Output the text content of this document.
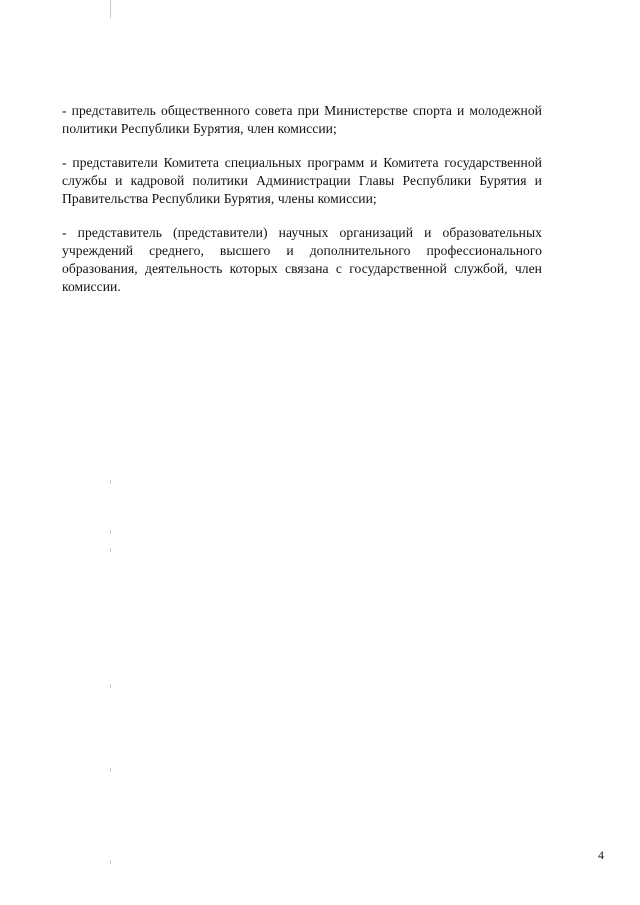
- представитель общественного совета при Министерстве спорта и молодежной политики Республики Бурятия, член комиссии;

- представители Комитета специальных программ и Комитета государственной службы и кадровой политики Администрации Главы Республики Бурятия и Правительства Республики Бурятия, члены комиссии;

- представитель (представители) научных организаций и образовательных учреждений среднего, высшего и дополнительного профессионального образования, деятельность которых связана с государственной службой, член комиссии.

4
